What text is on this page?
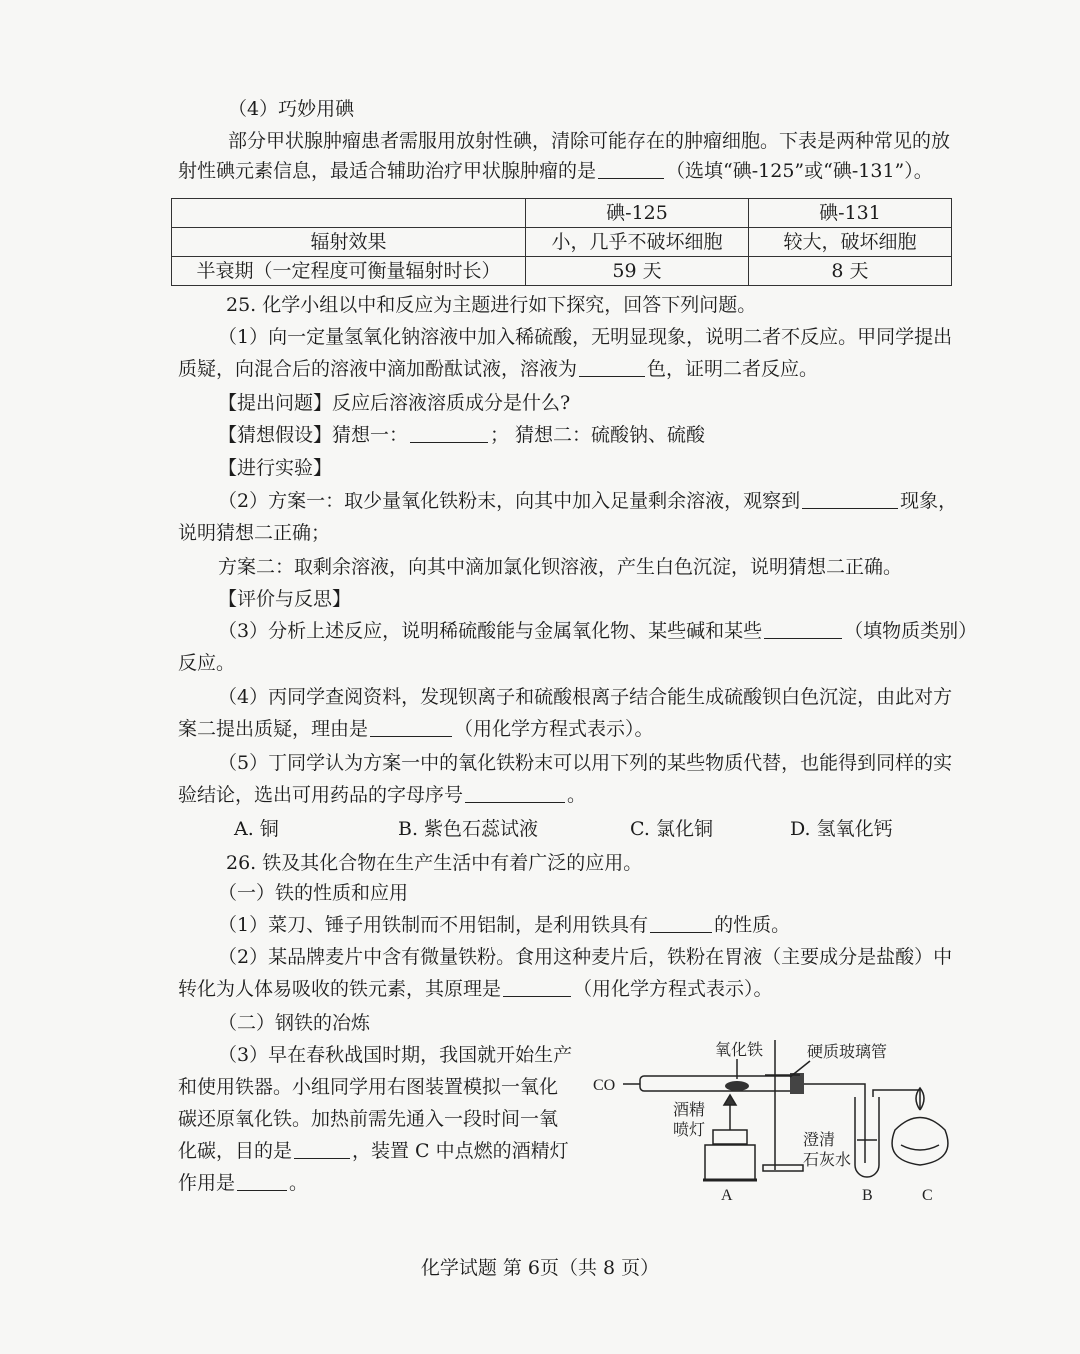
（4）巧妙用碘
部分甲状腺肿瘤患者需服用放射性碘，清除可能存在的肿瘤细胞。下表是两种常见的放
射性碘元素信息，最适合辅助治疗甲状腺肿瘤的是	（选填“碘-125”或“碘-131”）。
	碘-125	碘-131
辐射效果	小，几乎不破坏细胞	较大，破坏细胞
半衰期（一定程度可衡量辐射时长）	59 天	8 天
25. 化学小组以中和反应为主题进行如下探究，回答下列问题。
（1）向一定量氢氧化钠溶液中加入稀硫酸，无明显现象，说明二者不反应。甲同学提出
质疑，向混合后的溶液中滴加酚酞试液，溶液为	色，证明二者反应。
【提出问题】反应后溶液溶质成分是什么?
【猜想假设】猜想一：	； 猜想二：硫酸钠、硫酸
【进行实验】
（2）方案一：取少量氧化铁粉末，向其中加入足量剩余溶液，观察到	现象，
说明猜想二正确；
方案二：取剩余溶液，向其中滴加氯化钡溶液，产生白色沉淀，说明猜想二正确。
【评价与反思】
（3）分析上述反应，说明稀硫酸能与金属氧化物、某些碱和某些	（填物质类别）
反应。
（4）丙同学查阅资料，发现钡离子和硫酸根离子结合能生成硫酸钡白色沉淀，由此对方
案二提出质疑，理由是	（用化学方程式表示）。
（5）丁同学认为方案一中的氧化铁粉末可以用下列的某些物质代替，也能得到同样的实
验结论，选出可用药品的字母序号	。
A. 铜	B. 紫色石蕊试液	C. 氯化铜	D. 氢氧化钙
26. 铁及其化合物在生产生活中有着广泛的应用。
（一）铁的性质和应用
（1）菜刀、锤子用铁制而不用铝制，是利用铁具有	的性质。
（2）某品牌麦片中含有微量铁粉。食用这种麦片后，铁粉在胃液（主要成分是盐酸）中
转化为人体易吸收的铁元素，其原理是	（用化学方程式表示）。
（二）钢铁的冶炼
（3）早在春秋战国时期，我国就开始生产
和使用铁器。小组同学用右图装置模拟一氧化
碳还原氧化铁。加热前需先通入一段时间一氧
化碳，目的是	，装置 C 中点燃的酒精灯
作用是	。
CO
氧化铁	硬质玻璃管
酒精
喷灯
澄清
石灰水
A	B	C
化学试题 第 6页（共 8 页）
